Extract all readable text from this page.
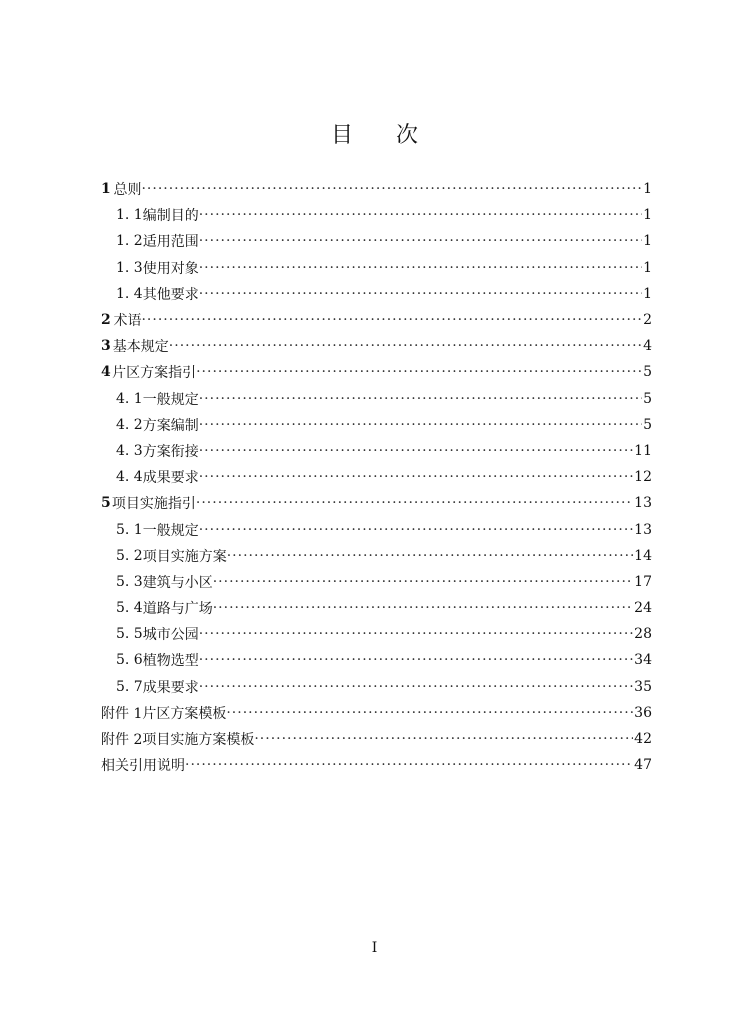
目 次
1 总则 ·····	1
1. 1 编制目的 ·····	1
1. 2 适用范围 ·····	1
1. 3 使用对象 ·····	1
1. 4 其他要求 ·····	1
2 术语 ·····	2
3 基本规定 ·····	4
4 片区方案指引 ·····	5
4. 1 一般规定 ·····	5
4. 2 方案编制 ·····	5
4. 3 方案衔接 ·····	11
4. 4 成果要求 ·····	12
5 项目实施指引 ·····	13
5. 1 一般规定 ·····	13
5. 2 项目实施方案 ·····	14
5. 3 建筑与小区 ·····	17
5. 4 道路与广场 ·····	24
5. 5 城市公园 ·····	28
5. 6 植物选型 ·····	34
5. 7 成果要求 ·····	35
附件 1 片区方案模板 ·····	36
附件 2 项目实施方案模板 ·····	42
相关引用说明 ·····	47
I
